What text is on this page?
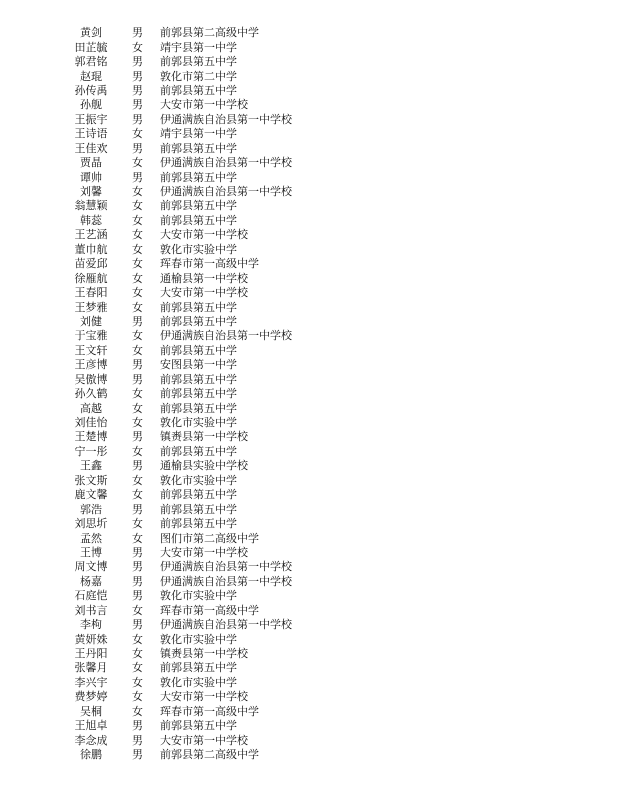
黄剑	男	前郭县第二高级中学
田芷毓	女	靖宇县第一中学
郭君铭	男	前郭县第五中学
赵琨	男	敦化市第二中学
孙传禹	男	前郭县第五中学
孙舰	男	大安市第一中学校
王振宇	男	伊通满族自治县第一中学校
王诗语	女	靖宇县第一中学
王佳欢	男	前郭县第五中学
贾晶	女	伊通满族自治县第一中学校
谭帅	男	前郭县第五中学
刘馨	女	伊通满族自治县第一中学校
翁慧颖	女	前郭县第五中学
韩蕊	女	前郭县第五中学
王艺涵	女	大安市第一中学校
董巾航	女	敦化市实验中学
苗爱邱	女	珲春市第一高级中学
徐雁航	女	通榆县第一中学校
王春阳	女	大安市第一中学校
王梦雅	女	前郭县第五中学
刘健	男	前郭县第五中学
于宝雅	女	伊通满族自治县第一中学校
王文轩	女	前郭县第五中学
王彦博	男	安图县第一中学
吴傲博	男	前郭县第五中学
孙久鹤	女	前郭县第五中学
高越	女	前郭县第五中学
刘佳怡	女	敦化市实验中学
王楚博	男	镇赉县第一中学校
宁一彤	女	前郭县第五中学
王鑫	男	通榆县实验中学校
张文斯	女	敦化市实验中学
鹿文馨	女	前郭县第五中学
郭浩	男	前郭县第五中学
刘思圻	女	前郭县第五中学
孟然	女	图们市第二高级中学
王博	男	大安市第一中学校
周文博	男	伊通满族自治县第一中学校
杨嘉	男	伊通满族自治县第一中学校
石庭恺	男	敦化市实验中学
刘书言	女	珲春市第一高级中学
李枸	男	伊通满族自治县第一中学校
黄妍姝	女	敦化市实验中学
王丹阳	女	镇赉县第一中学校
张馨月	女	前郭县第五中学
李兴宇	女	敦化市实验中学
费梦婷	女	大安市第一中学校
吴桐	女	珲春市第一高级中学
王旭卓	男	前郭县第五中学
李念成	男	大安市第一中学校
徐鹏	男	前郭县第二高级中学
